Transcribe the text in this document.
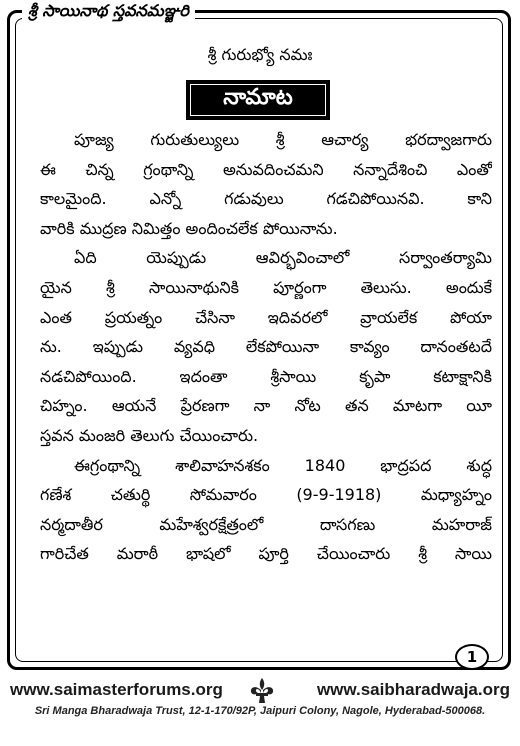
శ్రీ సాయినాథ స్తవనమఞ్జరి
శ్రీ గురుభ్యో నమః
నామాట
పూజ్య గురుతుల్యులు శ్రీ ఆచార్య భరద్వాజగారు
ఈ చిన్న గ్రంథాన్ని అనువదించమని నన్నాదేశించి ఎంతో
కాలమైంది. ఎన్నో గడువులు గడచిపోయినవి. కాని
వారికి ముద్రణ నిమిత్తం అందించలేక పోయినాను.
ఏది యెప్పుడు ఆవిర్భవించాలో సర్వాంతర్యామి
యైన శ్రీ సాయినాథునికి పూర్ణంగా తెలుసు. అందుకే
ఎంత ప్రయత్నం చేసినా ఇదివరలో వ్రాయలేక పోయా
ను. ఇప్పుడు వ్యవధి లేకపోయినా కావ్యం దానంతటదే
నడచిపోయింది. ఇదంతా శ్రీసాయి కృపా కటాక్షానికి
చిహ్నం. ఆయనే ప్రేరణగా నా నోట తన మాటగా యీ
స్తవన మంజరి తెలుగు చేయించారు.
ఈగ్రంథాన్ని శాలివాహనశకం 1840 భాద్రపద శుద్ధ
గణేశ చతుర్థి సోమవారం (9-9-1918) మధ్యాహ్నం
నర్మదాతీర మహేశ్వరక్షేత్రంలో దాసగణు మహరాజ్
గారిచేత మరాఠీ భాషలో పూర్తి చేయించారు శ్రీ సాయి
1
www.saimasterforums.org	www.saibharadwaja.org
Sri Manga Bharadwaja Trust, 12-1-170/92P, Jaipuri Colony, Nagole, Hyderabad-500068.
